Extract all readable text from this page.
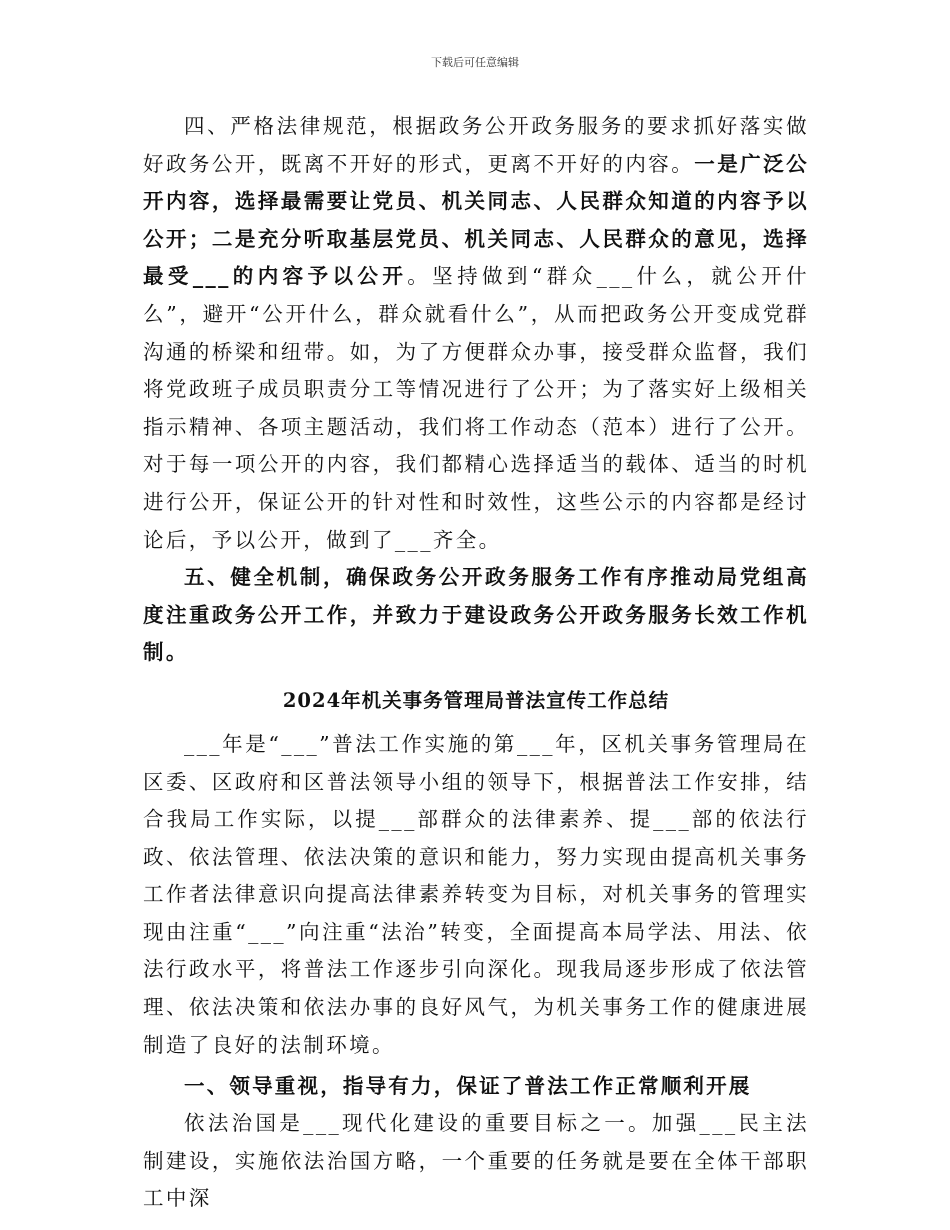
下载后可任意编辑

四、严格法律规范，根据政务公开政务服务的要求抓好落实做好政务公开，既离不开好的形式，更离不开好的内容。一是广泛公开内容，选择最需要让党员、机关同志、人民群众知道的内容予以公开；二是充分听取基层党员、机关同志、人民群众的意见，选择最受___的内容予以公开。坚持做到“群众___什么，就公开什么”，避开“公开什么，群众就看什么”，从而把政务公开变成党群沟通的桥梁和纽带。如，为了方便群众办事，接受群众监督，我们将党政班子成员职责分工等情况进行了公开；为了落实好上级相关指示精神、各项主题活动，我们将工作动态（范本）进行了公开。对于每一项公开的内容，我们都精心选择适当的载体、适当的时机进行公开，保证公开的针对性和时效性，这些公示的内容都是经讨论后，予以公开，做到了___齐全。

五、健全机制，确保政务公开政务服务工作有序推动局党组高度注重政务公开工作，并致力于建设政务公开政务服务长效工作机制。

2024年机关事务管理局普法宣传工作总结

___年是“___”普法工作实施的第___年，区机关事务管理局在区委、区政府和区普法领导小组的领导下，根据普法工作安排，结合我局工作实际，以提___部群众的法律素养、提___部的依法行政、依法管理、依法决策的意识和能力，努力实现由提高机关事务工作者法律意识向提高法律素养转变为目标，对机关事务的管理实现由注重“___”向注重“法治”转变，全面提高本局学法、用法、依法行政水平，将普法工作逐步引向深化。现我局逐步形成了依法管理、依法决策和依法办事的良好风气，为机关事务工作的健康进展制造了良好的法制环境。

一、领导重视，指导有力，保证了普法工作正常顺利开展

依法治国是___现代化建设的重要目标之一。加强___民主法制建设，实施依法治国方略，一个重要的任务就是要在全体干部职工中深
